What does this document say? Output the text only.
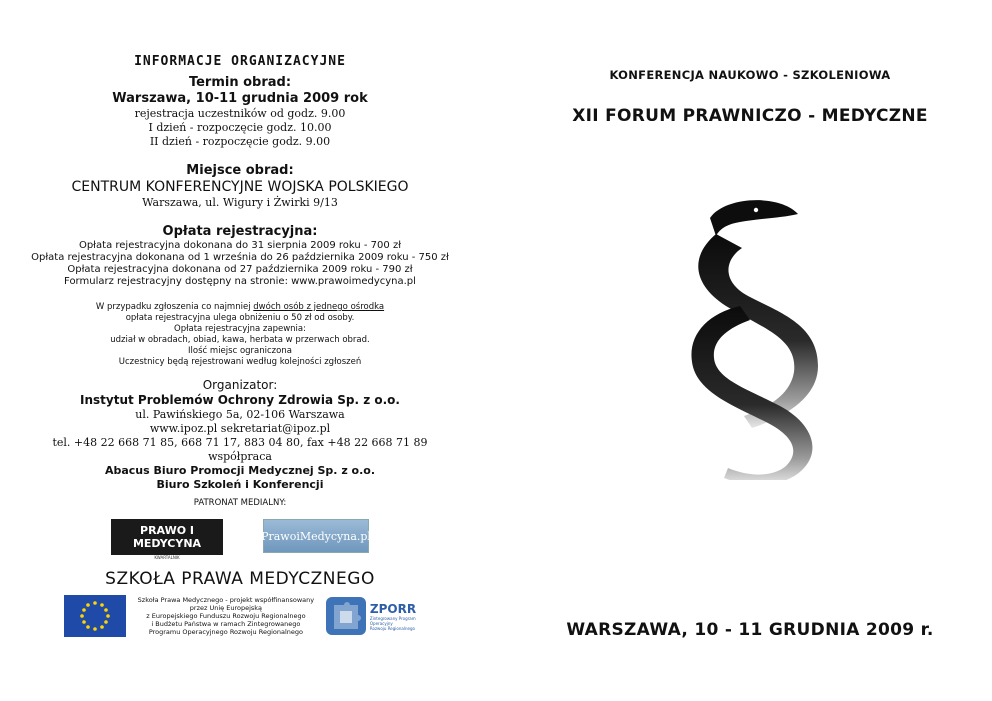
INFORMACJE ORGANIZACYJNE

Termin obrad:

Warszawa, 10-11 grudnia 2009 rok

rejestracja uczestników od godz. 9.00

I dzień - rozpoczęcie godz. 10.00

II dzień - rozpoczęcie godz. 9.00

Miejsce obrad:

CENTRUM KONFERENCYJNE WOJSKA POLSKIEGO

Warszawa, ul. Wigury i Żwirki 9/13

Opłata rejestracyjna:

Opłata rejestracyjna dokonana do 31 sierpnia 2009 roku - 700 zł

Opłata rejestracyjna dokonana od 1 września do 26 października 2009 roku - 750 zł

Opłata rejestracyjna dokonana od 27 października 2009 roku - 790 zł

Formularz rejestracyjny dostępny na stronie: www.prawoimedycyna.pl

W przypadku zgłoszenia co najmniej dwóch osób z jednego ośrodka

opłata rejestracyjna ulega obniżeniu o 50 zł od osoby.

Opłata rejestracyjna zapewnia:

udział w obradach, obiad, kawa, herbata w przerwach obrad.

Ilość miejsc ograniczona

Uczestnicy będą rejestrowani według kolejności zgłoszeń

Organizator:

Instytut Problemów Ochrony Zdrowia Sp. z o.o.

ul. Pawińskiego 5a, 02-106 Warszawa

www.ipoz.pl sekretariat@ipoz.pl

tel. +48 22 668 71 85, 668 71 17, 883 04 80, fax +48 22 668 71 89

współpraca

Abacus Biuro Promocji Medycznej Sp. z o.o.

Biuro Szkoleń i Konferencji

PATRONAT MEDIALNY:

PRAWO I MEDYCYNA
KWARTALNIK
PrawoiMedycyna.pl
SZKOŁA PRAWA MEDYCZNEGO
Szkoła Prawa Medycznego - projekt współfinansowany
przez Unię Europejską
z Europejskiego Funduszu Rozwoju Regionalnego
i Budżetu Państwa w ramach Zintegrowanego
Programu Operacyjnego Rozwoju Regionalnego
ZPORR
Zintegrowany Program
Operacyjny
Rozwoju Regionalnego
KONFERENCJA NAUKOWO - SZKOLENIOWA
XII FORUM PRAWNICZO - MEDYCZNE
WARSZAWA, 10 - 11 GRUDNIA 2009 r.
